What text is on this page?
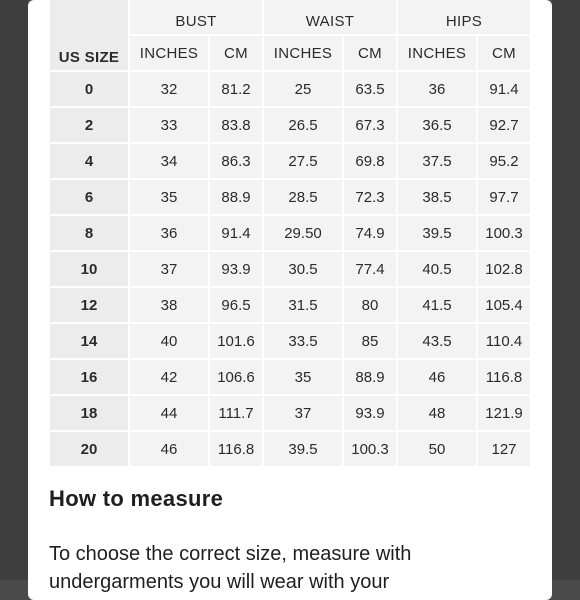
US SIZE	BUST		WAIST		HIPS	
	INCHES	CM	INCHES	CM	INCHES	CM
0	32	81.2	25	63.5	36	91.4
2	33	83.8	26.5	67.3	36.5	92.7
4	34	86.3	27.5	69.8	37.5	95.2
6	35	88.9	28.5	72.3	38.5	97.7
8	36	91.4	29.50	74.9	39.5	100.3
10	37	93.9	30.5	77.4	40.5	102.8
12	38	96.5	31.5	80	41.5	105.4
14	40	101.6	33.5	85	43.5	110.4
16	42	106.6	35	88.9	46	116.8
18	44	111.7	37	93.9	48	121.9
20	46	116.8	39.5	100.3	50	127
How to measure

To choose the correct size, measure with undergarments you will wear with your
